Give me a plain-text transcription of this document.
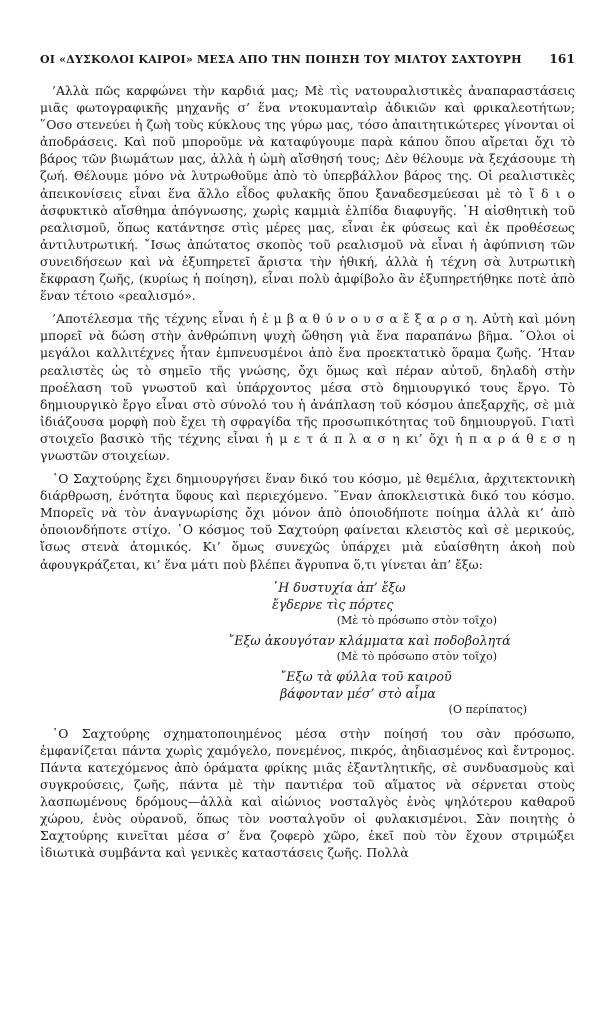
ΟΙ «ΔΥΣΚΟΛΟΙ ΚΑΙΡΟΙ» ΜΕΣΑ ΑΠΟ ΤΗΝ ΠΟΙΗΣΗ ΤΟΥ ΜΙΛΤΟΥ ΣΑΧΤΟΥΡΗ 161

’Αλλὰ πῶς καρφώνει τὴν καρδιά μας; Μὲ τὶς νατουραλιστικὲς ἀναπαραστάσεις μιᾶς φωτογραφικῆς μηχανῆς σ’ ἕνα ντοκυμανταὶρ ἀδικιῶν καὶ φρικαλεοτήτων; ῞Οσο στενεύει ἡ ζωὴ τοὺς κύκλους της γύρω μας, τόσο ἀπαιτητικώτερες γίνονται οἱ ἀποδράσεις. Καὶ ποῦ μποροῦμε νὰ καταφύγουμε παρὰ κάπου ὅπου αἴρεται ὄχι τὸ βάρος τῶν βιωμάτων μας, ἀλλὰ ἡ ὠμὴ αἴσθησή τους; Δὲν θέλουμε νὰ ξεχάσουμε τὴ ζωή. Θέλουμε μόνο νὰ λυτρωθοῦμε ἀπὸ τὸ ὑπερβάλλον βάρος της. Οἱ ρεαλιστικὲς ἀπεικονίσεις εἶναι ἕνα ἄλλο εἶδος φυλακῆς ὅπου ξαναδεσμεύεσαι μὲ τὸ ἴ δ ι ο ἀσφυκτικὸ αἴσθημα ἀπόγνωσης, χωρὶς καμμιὰ ἐλπίδα διαφυγῆς. ῾Η αἰσθητικὴ τοῦ ρεαλισμοῦ, ὅπως κατάντησε στὶς μέρες μας, εἶναι ἐκ φύσεως καὶ ἐκ προθέσεως ἀντιλυτρωτική. ῎Ισως ἀπώτατος σκοπὸς τοῦ ρεαλισμοῦ νὰ εἶναι ἡ ἀφύπνιση τῶν συνειδήσεων καὶ νὰ ἐξυπηρετεῖ ἄριστα τὴν ἠθική, ἀλλὰ ἡ τέχνη σὰ λυτρωτικὴ ἔκφραση ζωῆς, (κυρίως ἡ ποίηση), εἶναι πολὺ ἀμφίβολο ἂν ἐξυπηρετήθηκε ποτὲ ἀπὸ ἕναν τέτοιο «ρεαλισμό».

’Αποτέλεσμα τῆς τέχνης εἶναι ἡ ἐ μ β α θ ύ ν ο υ σ α ἔ ξ α ρ σ η. Αὐτὴ καὶ μόνη μπορεῖ νὰ δώση στὴν ἀνθρώπινη ψυχὴ ὤθηση γιὰ ἕνα παραπάνω βῆμα. ῞Ολοι οἱ μεγάλοι καλλιτέχνες ἦταν ἐμπνευσμένοι ἀπὸ ἕνα προεκτατικὸ ὅραμα ζωῆς. ’Ηταν ρεαλιστὲς ὡς τὸ σημεῖο τῆς γνώσης, ὄχι ὅμως καὶ πέραν αὐτοῦ, δηλαδὴ στὴν προέλαση τοῦ γνωστοῦ καὶ ὑπάρχοντος μέσα στὸ δημιουργικό τους ἔργο. Τὸ δημιουργικὸ ἔργο εἶναι στὸ σύνολό του ἡ ἀνάπλαση τοῦ κόσμου ἀπεξαρχῆς, σὲ μιὰ ἰδιάζουσα μορφὴ ποὺ ἔχει τὴ σφραγίδα τῆς προσωπικότητας τοῦ δημιουργοῦ. Γιατὶ στοιχεῖο βασικὸ τῆς τέχνης εἶναι ἡ μ ε τ ά π λ α σ η κι’ ὄχι ἡ π α ρ ά θ ε σ η γνωστῶν στοιχείων.

῾Ο Σαχτούρης ἔχει δημιουργήσει ἕναν δικό του κόσμο, μὲ θεμέλια, ἀρχιτεκτονικὴ διάρθρωση, ἑνότητα ὕφους καὶ περιεχόμενο. ῞Εναν ἀποκλειστικὰ δικό του κόσμο. Μπορεῖς νὰ τὸν ἀναγνωρίσης ὄχι μόνον ἀπὸ ὁποιοδήποτε ποίημα ἀλλὰ κι’ ἀπὸ ὁποιονδήποτε στίχο. ῾Ο κόσμος τοῦ Σαχτούρη φαίνεται κλειστὸς καὶ σὲ μερικούς, ἴσως στενὰ ἀτομικός. Κι’ ὅμως συνεχῶς ὑπάρχει μιὰ εὐαίσθητη ἀκοὴ ποὺ ἀφουγκράζεται, κι’ ἕνα μάτι ποὺ βλέπει ἄγρυπνα ὅ,τι γίνεται ἀπ’ ἔξω:

῾Η δυστυχία ἀπ’ ἔξω
ἔγδερνε τὶς πόρτες
(Μὲ τὸ πρόσωπο στὸν τοῖχο)
῎Εξω ἀκουγόταν κλάμματα καὶ ποδοβολητά
(Μὲ τὸ πρόσωπο στὸν τοῖχο)
῎Εξω τὰ φύλλα τοῦ καιροῦ
βάφονταν μέσ’ στὸ αἷμα
(Ο περίπατος)

῾Ο Σαχτούρης σχηματοποιημένος μέσα στὴν ποίησή του σὰν πρόσωπο, ἐμφανίζεται πάντα χωρὶς χαμόγελο, πονεμένος, πικρός, ἀηδιασμένος καὶ ἔντρομος. Πάντα κατεχόμενος ἀπὸ ὁράματα φρίκης μιᾶς ἐξαντλητικῆς, σὲ συνδυασμοὺς καὶ συγκρούσεις, ζωῆς, πάντα μὲ τὴν παντιέρα τοῦ αἵματος νὰ σέρνεται στοὺς λασπωμένους δρόμους—ἀλλὰ καὶ αἰώνιος νοσταλγὸς ἑνὸς ψηλότερου καθαροῦ χώρου, ἑνὸς οὐρανοῦ, ὅπως τὸν νοσταλγοῦν οἱ φυλακισμένοι. Σὰν ποιητὴς ὁ Σαχτούρης κινεῖται μέσα σ’ ἕνα ζοφερὸ χῶρο, ἐκεῖ ποὺ τὸν ἔχουν στριμώξει ἰδιωτικὰ συμβάντα καὶ γενικὲς καταστάσεις ζωῆς. Πολλὰ
